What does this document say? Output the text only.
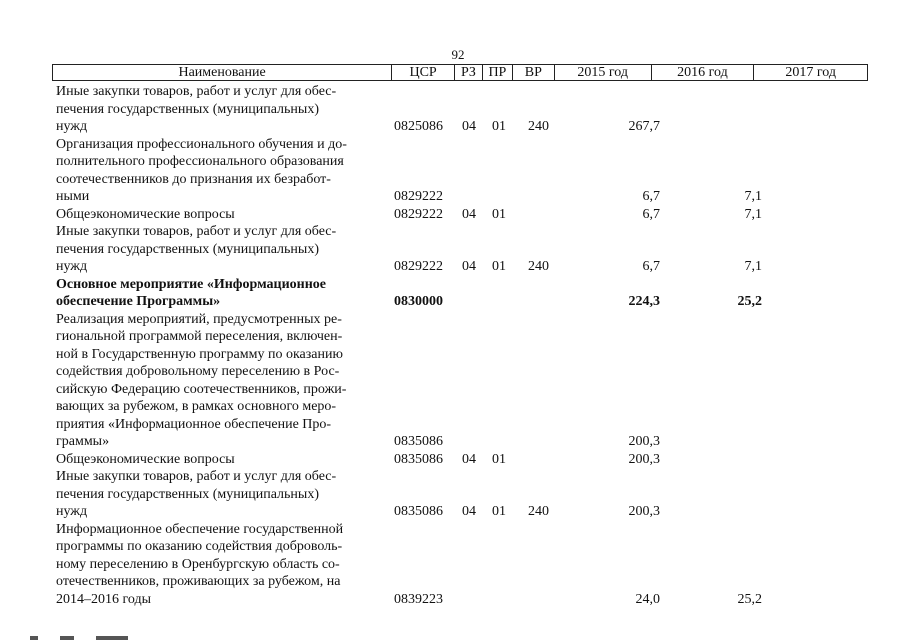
92
Наименование	ЦСР	РЗ ПР	ВР	2015 год	2016 год	2017 год
Иные закупки товаров, работ и услуг для обес-
печения государственных (муниципальных)
нужд	0825086 04 01 240	267,7
Организация профессионального обучения и до-
полнительного профессионального образования
соотечественников до признания их безработ-
ными	0829222	6,7	7,1
Общеэкономические вопросы	0829222 04 01	6,7	7,1
Иные закупки товаров, работ и услуг для обес-
печения государственных (муниципальных)
нужд	0829222 04 01 240	6,7	7,1
Основное мероприятие «Информационное
обеспечение Программы»	0830000	224,3	25,2
Реализация мероприятий, предусмотренных ре-
гиональной программой переселения, включен-
ной в Государственную программу по оказанию
содействия добровольному переселению в Рос-
сийскую Федерацию соотечественников, прожи-
вающих за рубежом, в рамках основного меро-
приятия «Информационное обеспечение Про-
граммы»	0835086	200,3
Общеэкономические вопросы	0835086 04 01	200,3
Иные закупки товаров, работ и услуг для обес-
печения государственных (муниципальных)
нужд	0835086 04 01 240	200,3
Информационное обеспечение государственной
программы по оказанию содействия доброволь-
ному переселению в Оренбургскую область со-
отечественников, проживающих за рубежом, на
2014–2016 годы	0839223	24,0	25,2
